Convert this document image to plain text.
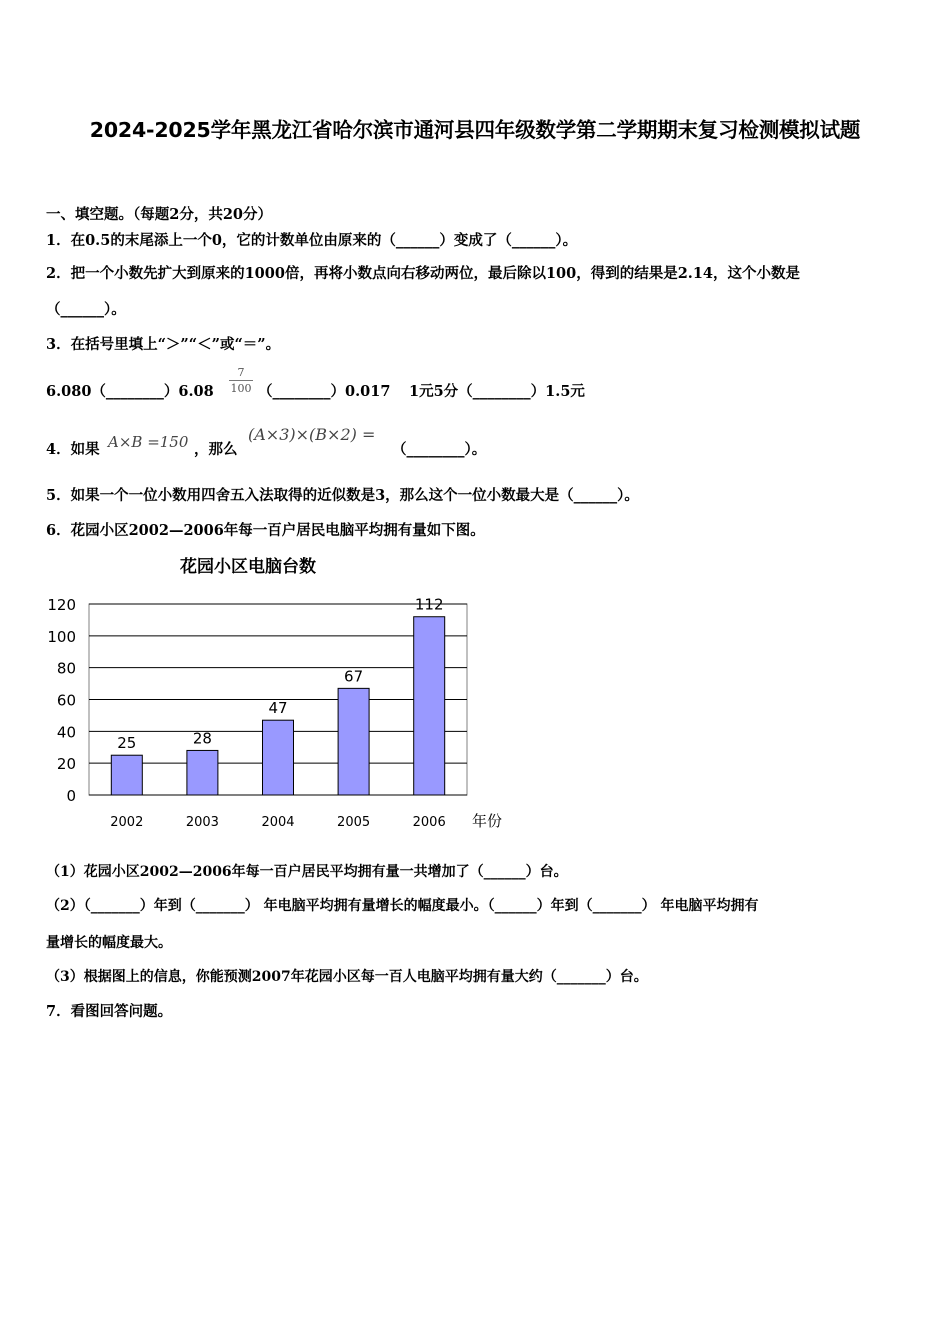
2024-2025学年黑龙江省哈尔滨市通河县四年级数学第二学期期末复习检测模拟试题
一、填空题。（每题2分，共20分）
1．在0.5的末尾添上一个0，它的计数单位由原来的（______）变成了（______）。
2．把一个小数先扩大到原来的1000倍，再将小数点向右移动两位，最后除以100，得到的结果是2.14，这个小数是
（______）。
3．在括号里填上“＞”“＜”或“＝”。
6.080（________）6.08
7
100 （________）0.017 1元5分（________）1.5元
4．如果 A×B =150 ，那么
(A×3)×(B×2) =
（________）。
5．如果一个一位小数用四舍五入法取得的近似数是3，那么这个一位小数最大是（______）。
6．花园小区2002—2006年每一百户居民电脑平均拥有量如下图。
花园小区电脑台数
0
20
40
60
80
100
120
25
2002
28
2003
47
2004
67
2005
112
2006 年份
（1）花园小区2002—2006年每一百户居民平均拥有量一共增加了（______）台。
（2）（_______）年到（_______） 年电脑平均拥有量增长的幅度最小。（______）年到（_______） 年电脑平均拥有
量增长的幅度最大。
（3）根据图上的信息，你能预测2007年花园小区每一百人电脑平均拥有量大约（_______）台。
7．看图回答问题。
